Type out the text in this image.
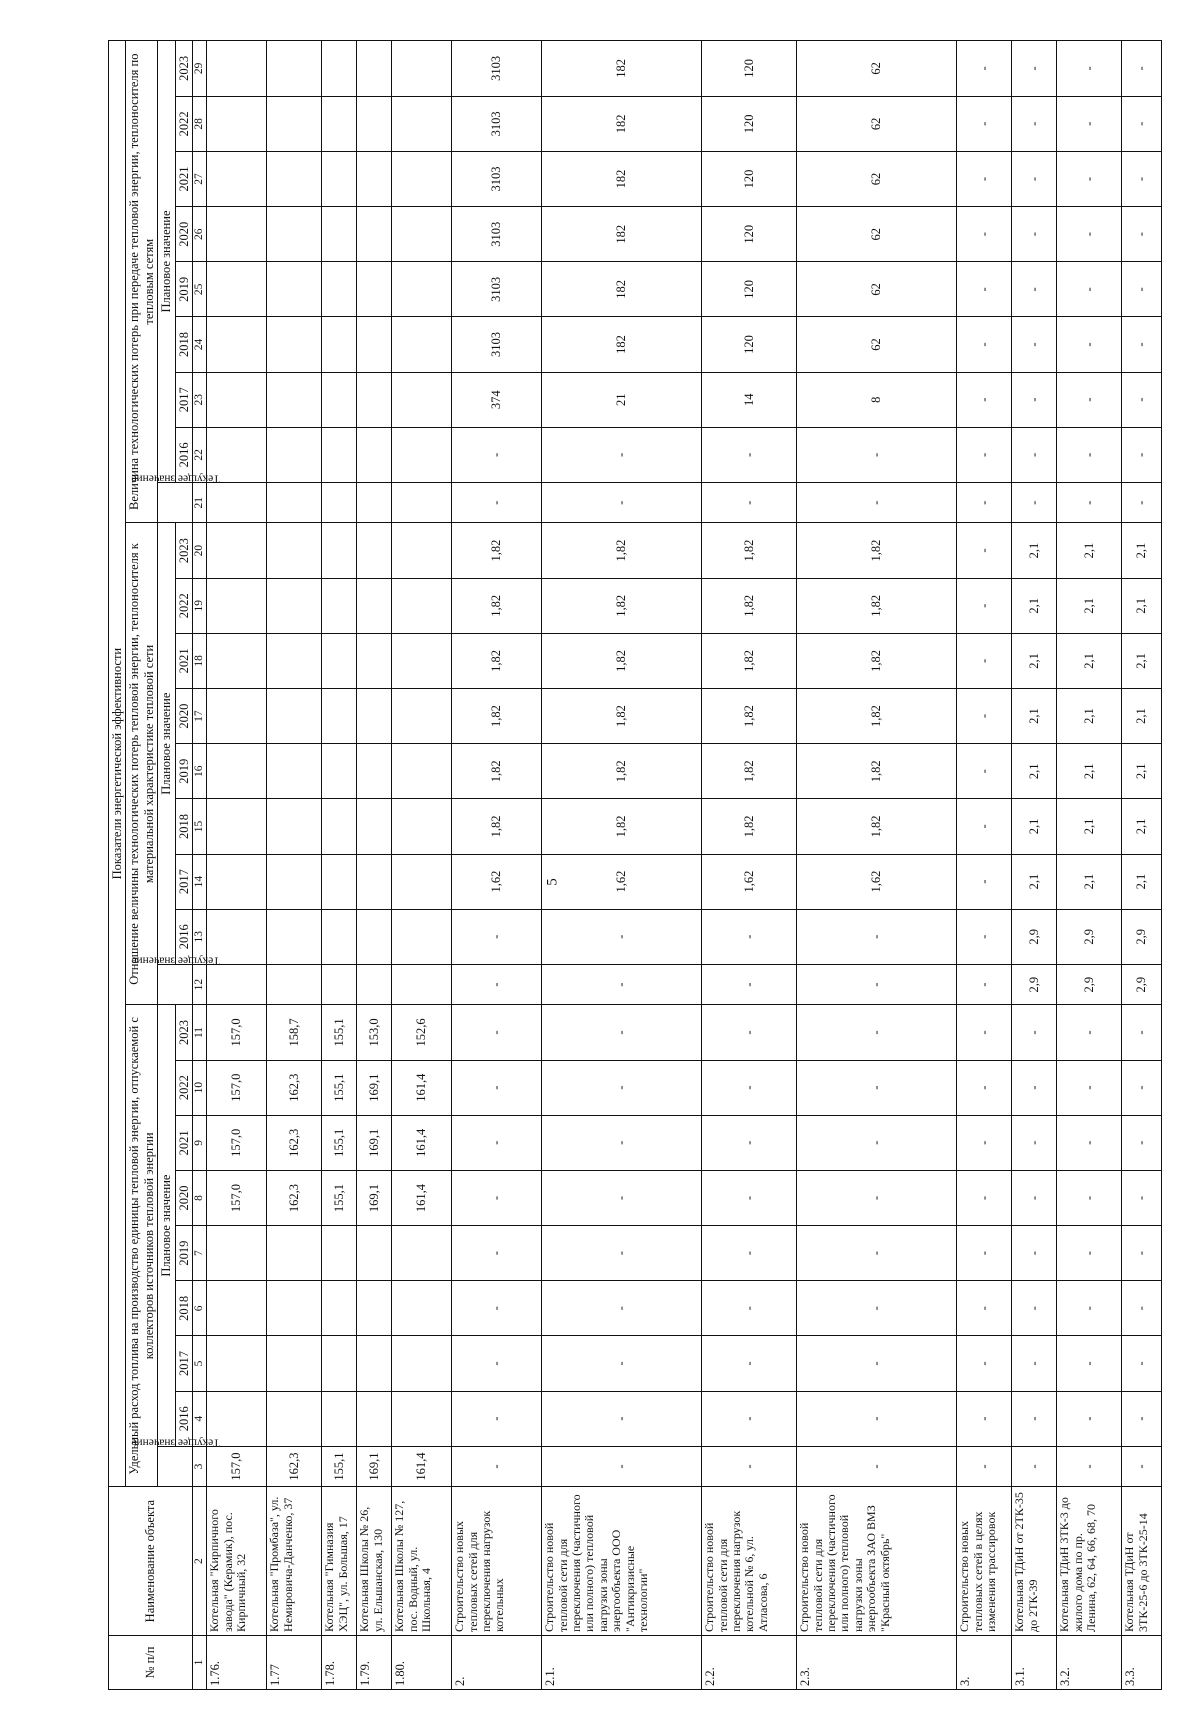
5
№ п/п	Наименование объекта	Показатели энергетической эффективности																										
		Удельный расход топлива на производство единицы тепловой энергии, отпускаемой с коллекторов источников тепловой энергии									Отношение величины технологических потерь тепловой энергии, теплоносителя к материальной характеристике тепловой сети									Величина технологических потерь при передаче тепловой энергии, теплоносителя по тепловым сетям								
		Текущее значение	Плановое значение								Текущее значение	Плановое значение								Текущее значение	Плановое значение							
			2016	2017	2018	2019	2020	2021	2022	2023		2016	2017	2018	2019	2020	2021	2022	2023		2016	2017	2018	2019	2020	2021	2022	2023
1	2	3	4	5	6	7	8	9	10	11	12	13	14	15	16	17	18	19	20	21	22	23	24	25	26	27	28	29
1.76.	Котельная "Кирпичного завода" (Керамик), пос. Кирпичный, 32	157,0					157,0	157,0	157,0	157,0																		
1.77	Котельная "Промбаза", ул. Немировича-Данченко, 37	162,3					162,3	162,3	162,3	158,7																		
1.78.	Котельная "Гимназия ХЭЦ", ул. Большая, 17	155,1					155,1	155,1	155,1	155,1																		
1.79.	Котельная Школы № 26, ул. Ельшанская, 130	169,1					169,1	169,1	169,1	153,0																		
1.80.	Котельная Школы № 127, пос. Водный, ул. Школьная, 4	161,4					161,4	161,4	161,4	152,6																		
2.	Строительство новых тепловых сетей для переключения нагрузок котельных	-	-	-	-	-	-	-	-	-	-	-	1,62	1,82	1,82	1,82	1,82	1,82	1,82	-	-	374	3103	3103	3103	3103	3103	3103
2.1.	Строительство новой тепловой сети для переключения (частичного или полного) тепловой нагрузки зоны энергообъекта ООО "Антикризисные технологии"	-	-	-	-	-	-	-	-	-	-	-	1,62	1,82	1,82	1,82	1,82	1,82	1,82	-	-	21	182	182	182	182	182	182
2.2.	Строительство новой тепловой сети для переключения нагрузок котельной № 6, ул. Атласова, 6	-	-	-	-	-	-	-	-	-	-	-	1,62	1,82	1,82	1,82	1,82	1,82	1,82	-	-	14	120	120	120	120	120	120
2.3.	Строительство новой тепловой сети для переключения (частичного или полного) тепловой нагрузки зоны энергообъекта ЗАО ВМЗ "Красный октябрь"	-	-	-	-	-	-	-	-	-	-	-	1,62	1,82	1,82	1,82	1,82	1,82	1,82	-	-	8	62	62	62	62	62	62
3.	Строительство новых тепловых сетей в целях изменения трассировок	-	-	-	-	-	-	-	-	-	-	-	-	-	-	-	-	-	-	-	-	-	-	-	-	-	-	-
3.1.	Котельная ТДиН от 2ТК-35 до 2ТК-39	-	-	-	-	-	-	-	-	-	2,9	2,9	2,1	2,1	2,1	2,1	2,1	2,1	2,1	-	-	-	-	-	-	-	-	-
3.2.	Котельная ТДиН 3ТК-3 до жилого дома по пр. Ленина, 62, 64, 66, 68, 70	-	-	-	-	-	-	-	-	-	2,9	2,9	2,1	2,1	2,1	2,1	2,1	2,1	2,1	-	-	-	-	-	-	-	-	-
3.3.	Котельная ТДиН от 3ТК-25-6 до 3ТК-25-14	-	-	-	-	-	-	-	-	-	2,9	2,9	2,1	2,1	2,1	2,1	2,1	2,1	2,1	-	-	-	-	-	-	-	-	-
